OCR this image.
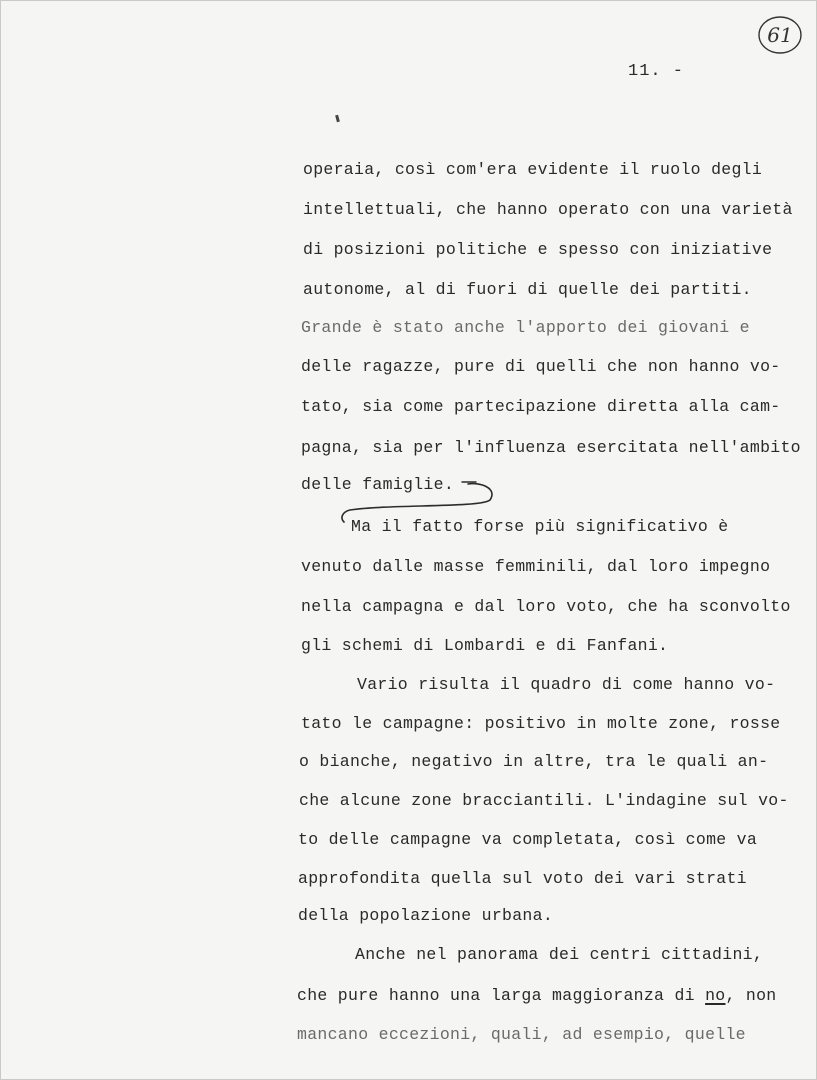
61
11. -
operaia, così com'era evidente il ruolo degli
intellettuali, che hanno operato con una varietà
di posizioni politiche e spesso con iniziative
autonome, al di fuori di quelle dei partiti.
Grande è stato anche l'apporto dei giovani e
delle ragazze, pure di quelli che non hanno vo-
tato, sia come partecipazione diretta alla cam-
pagna, sia per l'influenza esercitata nell'ambito
delle famiglie.
Ma il fatto forse più significativo è
venuto dalle masse femminili, dal loro impegno
nella campagna e dal loro voto, che ha sconvolto
gli schemi di Lombardi e di Fanfani.
Vario risulta il quadro di come hanno vo-
tato le campagne: positivo in molte zone, rosse
o bianche, negativo in altre, tra le quali an-
che alcune zone bracciantili. L'indagine sul vo-
to delle campagne va completata, così come va
approfondita quella sul voto dei vari strati
della popolazione urbana.
Anche nel panorama dei centri cittadini,
che pure hanno una larga maggioranza di no, non
mancano eccezioni, quali, ad esempio, quelle
